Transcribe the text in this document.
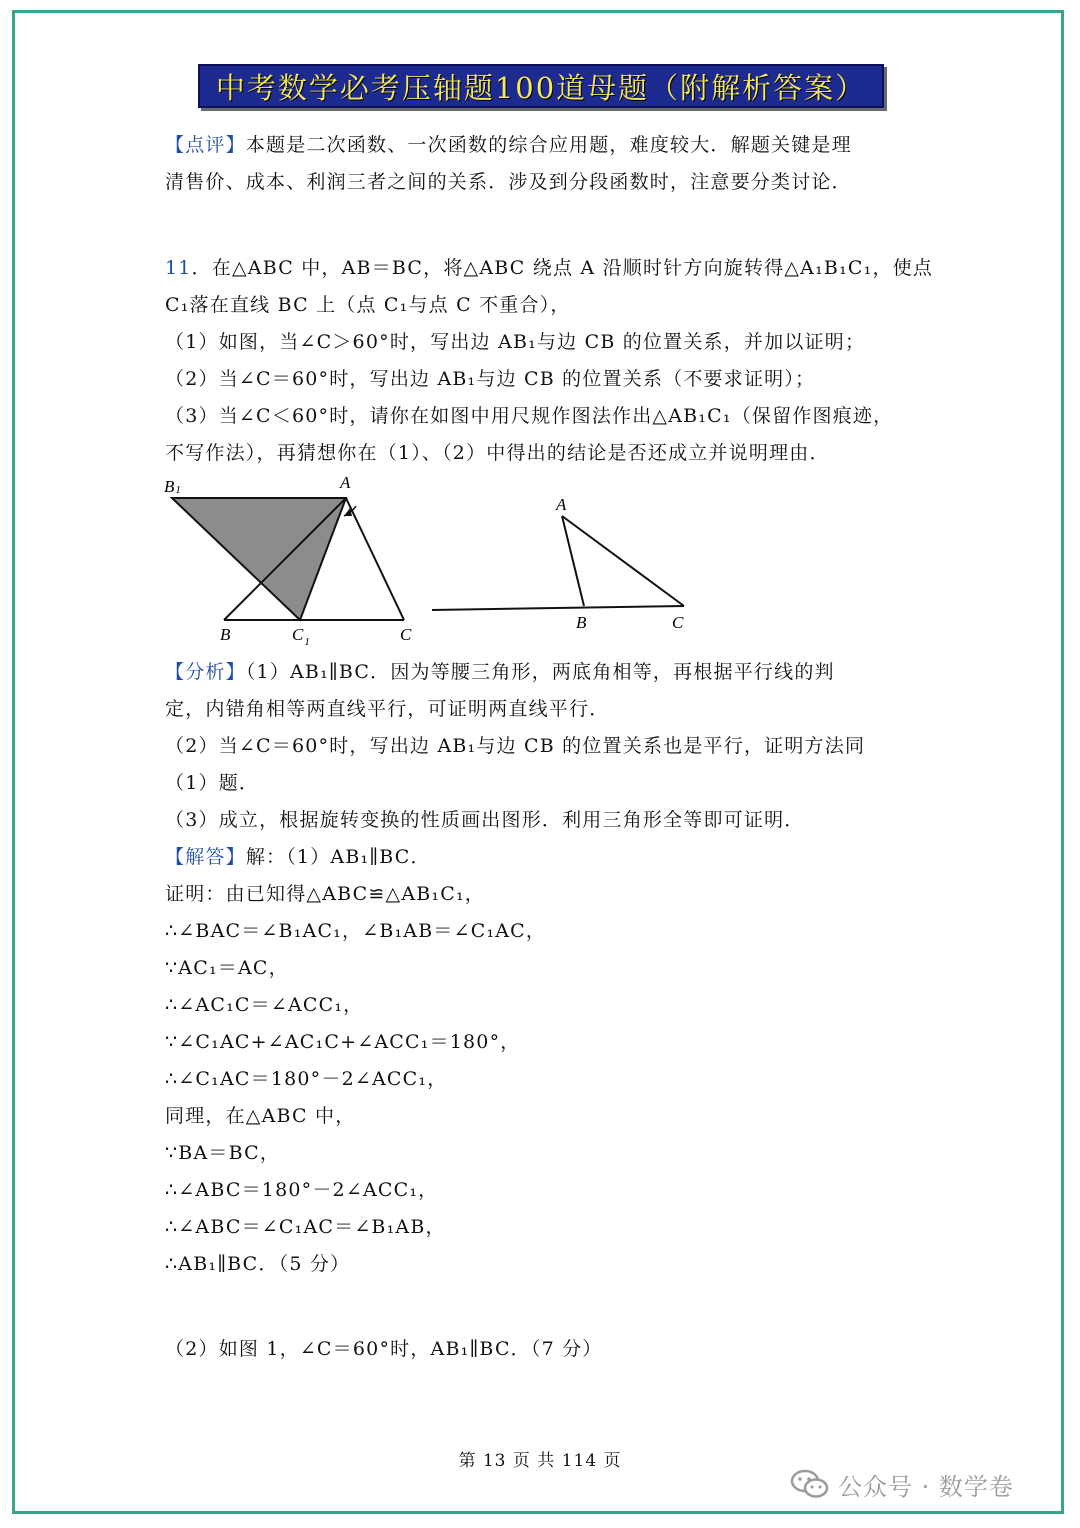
中考数学必考压轴题100道母题（附解析答案）
【点评】本题是二次函数、一次函数的综合应用题，难度较大．解题关键是理
清售价、成本、利润三者之间的关系．涉及到分段函数时，注意要分类讨论．
11．在△ABC 中，AB＝BC，将△ABC 绕点 A 沿顺时针方向旋转得△A₁B₁C₁，使点
C₁落在直线 BC 上（点 C₁与点 C 不重合），
（1）如图，当∠C＞60°时，写出边 AB₁与边 CB 的位置关系，并加以证明；
（2）当∠C＝60°时，写出边 AB₁与边 CB 的位置关系（不要求证明）；
（3）当∠C＜60°时，请你在如图中用尺规作图法作出△AB₁C₁（保留作图痕迹，
不写作法），再猜想你在（1）、（2）中得出的结论是否还成立并说明理由．
B1	A
B	$C_1$	C
A
B	C
【分析】（1）AB₁∥BC．因为等腰三角形，两底角相等，再根据平行线的判
定，内错角相等两直线平行，可证明两直线平行．
（2）当∠C＝60°时，写出边 AB₁与边 CB 的位置关系也是平行，证明方法同
（1）题．
（3）成立，根据旋转变换的性质画出图形．利用三角形全等即可证明．
【解答】解：（1）AB₁∥BC．
证明：由已知得△ABC≌△AB₁C₁，
∴∠BAC＝∠B₁AC₁，∠B₁AB＝∠C₁AC，
∵AC₁＝AC，
∴∠AC₁C＝∠ACC₁，
∵∠C₁AC+∠AC₁C+∠ACC₁＝180°，
∴∠C₁AC＝180°－2∠ACC₁，
同理，在△ABC 中，
∵BA＝BC，
∴∠ABC＝180°－2∠ACC₁，
∴∠ABC＝∠C₁AC＝∠B₁AB，
∴AB₁∥BC．（5 分）
（2）如图 1，∠C＝60°时，AB₁∥BC．（7 分）
第 13 页 共 114 页
公众号 · 数学卷
